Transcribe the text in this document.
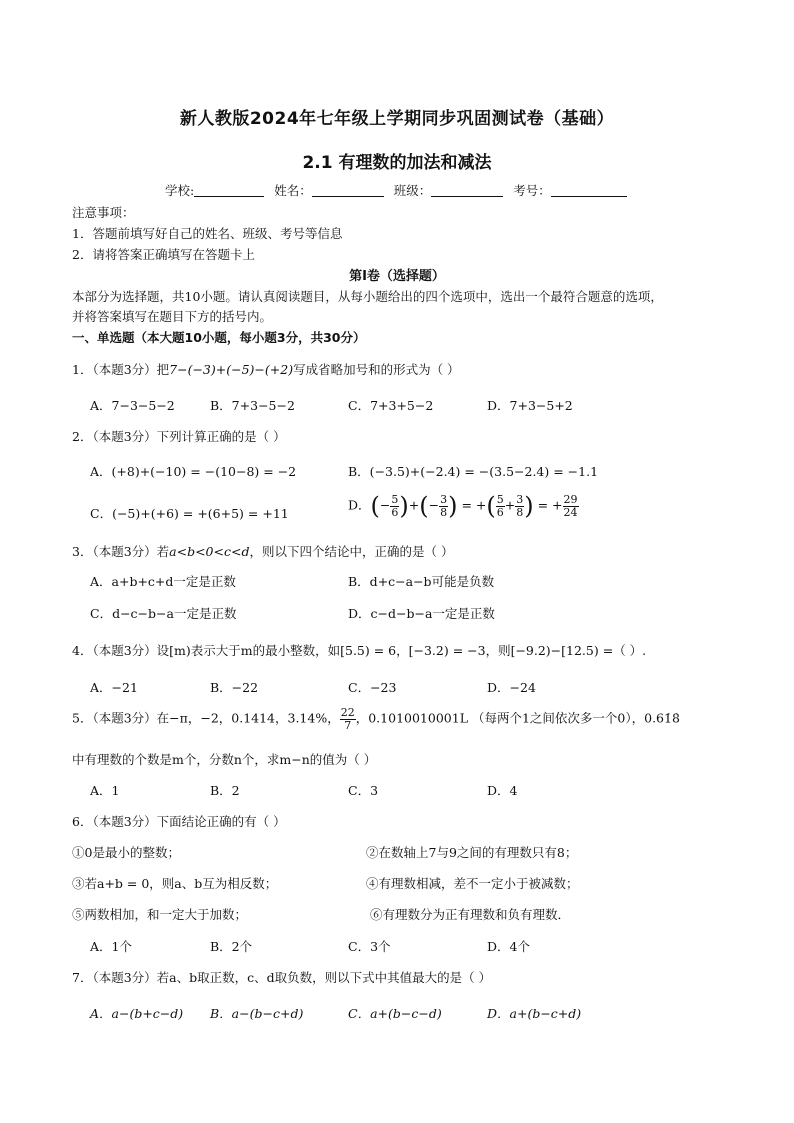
新人教版2024年七年级上学期同步巩固测试卷（基础）
2.1 有理数的加法和减法
学校:	姓名：	班级：	考号：
注意事项：
1．答题前填写好自己的姓名、班级、考号等信息
2．请将答案正确填写在答题卡上
第I卷（选择题）
本部分为选择题，共10小题。请认真阅读题目，从每小题给出的四个选项中，选出一个最符合题意的选项，
并将答案填写在题目下方的括号内。
一、单选题（本大题10小题，每小题3分，共30分）
1．（本题3分）把7−(−3)+(−5)−(+2)写成省略加号和的形式为（ ）
A．7−3−5−2	B．7+3−5−2	C．7+3+5−2	D．7+3−5+2
2．（本题3分）下列计算正确的是（ ）
A．(+8)+(−10) = −(10−8) = −2	B．(−3.5)+(−2.4) = −(3.5−2.4) = −1.1
C．(−5)+(+6) = +(6+5) = +11
D．(− $\frac{5}{6}$ )+(− $\frac{3}{8}$ ) = +( $\frac{5}{6} + \frac{3}{8}$ ) = + $\frac{29}{24}$
3．（本题3分）若a<b<0<c<d，则以下四个结论中，正确的是（ ）
A．a+b+c+d一定是正数	B．d+c−a−b可能是负数
C．d−c−b−a一定是正数	D．c−d−b−a一定是正数
4．（本题3分）设[m)表示大于m的最小整数，如[5.5) = 6，[−3.2) = −3，则[−9.2)−[12.5) =（ ）.
A．−21	B．−22	C．−23	D．−24
5．（本题3分）在−π，−2，0.1414，3.14%， $\frac{22}{7}$ ，0.1010010001L （每两个1之间依次多一个0），0.61̇8̇
中有理数的个数是m个，分数n个，求m−n的值为（ ）
A．1	B．2	C．3	D．4
6．（本题3分）下面结论正确的有（ ）
①0是最小的整数；	②在数轴上7与9之间的有理数只有8；
③若a+b = 0，则a、b互为相反数；	④有理数相减，差不一定小于被减数；
⑤两数相加，和一定大于加数；	⑥有理数分为正有理数和负有理数．
A．1个	B．2个	C．3个	D．4个
7．（本题3分）若a、b取正数，c、d取负数，则以下式中其值最大的是（ ）
A．a−(b+c−d) B．a−(b−c+d)	C．a+(b−c−d)	D．a+(b−c+d)
